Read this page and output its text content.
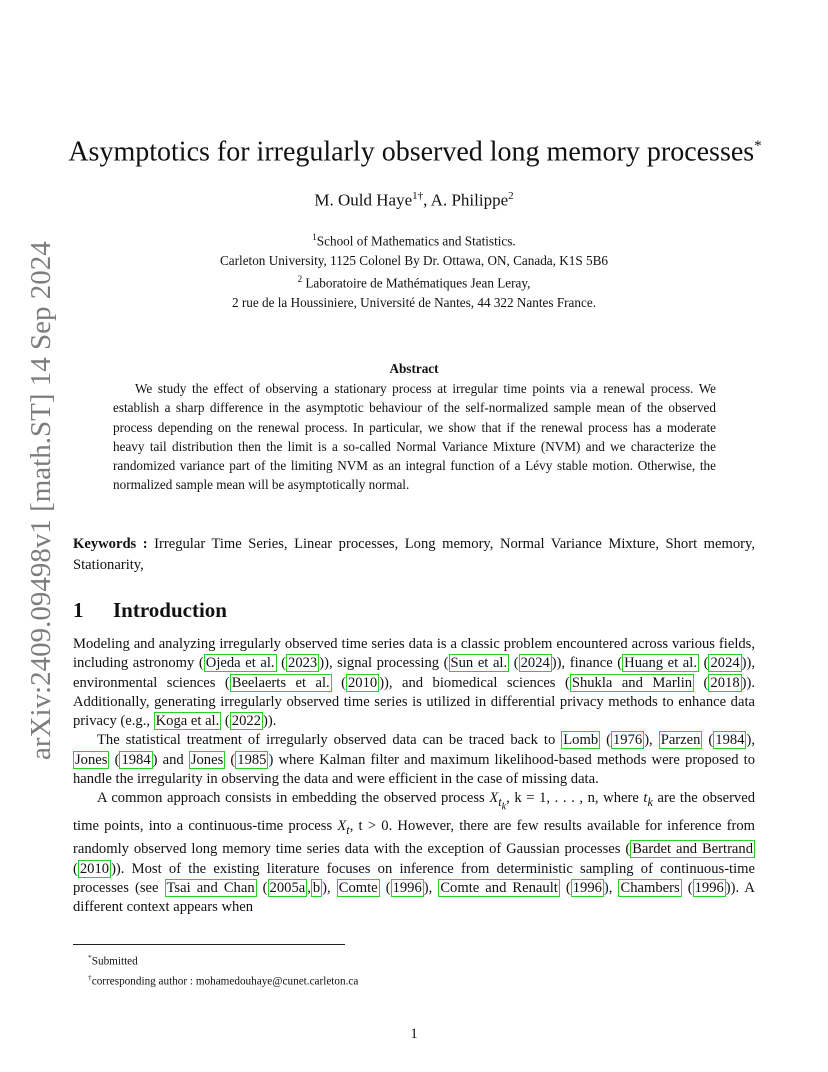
arXiv:2409.09498v1 [math.ST] 14 Sep 2024
Asymptotics for irregularly observed long memory processes*
M. Ould Haye$^{1\dagger}$, A. Philippe$^2$
$^1$School of Mathematics and Statistics.
Carleton University, 1125 Colonel By Dr. Ottawa, ON, Canada, K1S 5B6
$^2$ Laboratoire de Mathématiques Jean Leray,
2 rue de la Houssiniere, Université de Nantes, 44 322 Nantes France.
Abstract

We study the effect of observing a stationary process at irregular time points via a renewal process. We establish a sharp difference in the asymptotic behaviour of the self-normalized sample mean of the observed process depending on the renewal process. In particular, we show that if the renewal process has a moderate heavy tail distribution then the limit is a so-called Normal Variance Mixture (NVM) and we characterize the randomized variance part of the limiting NVM as an integral function of a Lévy stable motion. Otherwise, the normalized sample mean will be asymptotically normal.

Keywords : Irregular Time Series, Linear processes, Long memory, Normal Variance Mixture, Short memory, Stationarity,

1 Introduction

Modeling and analyzing irregularly observed time series data is a classic problem encountered across various fields, including astronomy ( Ojeda et al. ( 2023 )), signal processing ( Sun et al. ( 2024 )), finance ( Huang et al. ( 2024 )), environmental sciences ( Beelaerts et al. ( 2010 )), and biomedical sciences ( Shukla and Marlin ( 2018 )). Additionally, generating irregularly observed time series is utilized in differential privacy methods to enhance data privacy (e.g., Koga et al. ( 2022 )).

The statistical treatment of irregularly observed data can be traced back to Lomb ( 1976 ), Parzen ( 1984 ), Jones ( 1984 ) and Jones ( 1985 ) where Kalman filter and maximum likelihood-based methods were proposed to handle the irregularity in observing the data and were efficient in the case of missing data.

A common approach consists in embedding the observed process $X_{t_k}$, k = 1, . . . , n, where $t_k$ are the observed time points, into a continuous-time process $X_t$, t > 0. However, there are few results available for inference from randomly observed long memory time series data with the exception of Gaussian processes ( Bardet and Bertrand ( 2010 )). Most of the existing literature focuses on inference from deterministic sampling of continuous-time processes (see Tsai and Chan ( 2005a , b ), Comte ( 1996 ), Comte and Renault ( 1996 ), Chambers ( 1996 )). A different context appears when

*Submitted
†corresponding author : mohamedouhaye@cunet.carleton.ca
1
